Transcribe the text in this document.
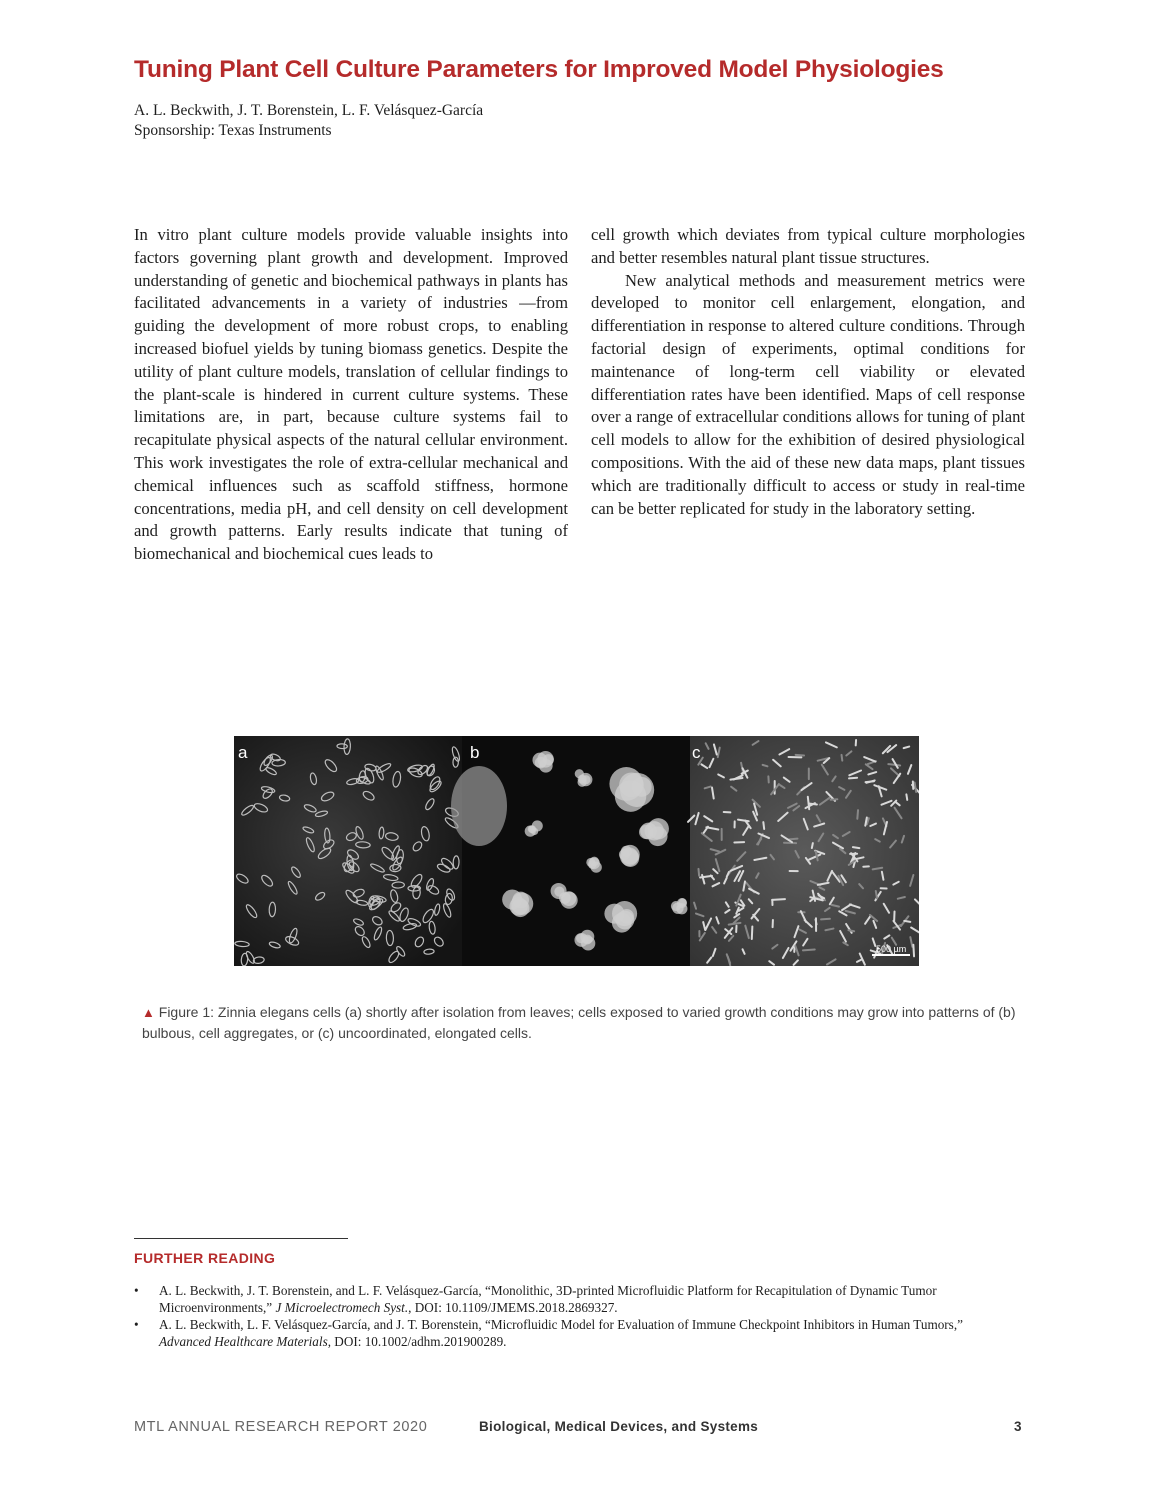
Tuning Plant Cell Culture Parameters for Improved Model Physiologies
A. L. Beckwith, J. T. Borenstein, L. F. Velásquez-García
Sponsorship: Texas Instruments

In vitro plant culture models provide valuable insights into factors governing plant growth and development. Improved understanding of genetic and biochemical pathways in plants has facilitated advancements in a variety of industries —from guiding the development of more robust crops, to enabling increased biofuel yields by tuning biomass genetics. Despite the utility of plant culture models, translation of cellular findings to the plant-scale is hindered in current culture systems. These limitations are, in part, because culture systems fail to recapitulate physical aspects of the natural cellular environment. This work investigates the role of extra-cellular mechanical and chemical influences such as scaffold stiffness, hormone concentrations, media pH, and cell density on cell development and growth patterns. Early results indicate that tuning of biomechanical and biochemical cues leads to

cell growth which deviates from typical culture morphologies and better resembles natural plant tissue structures.

New analytical methods and measurement metrics were developed to monitor cell enlargement, elongation, and differentiation in response to altered culture conditions. Through factorial design of experiments, optimal conditions for maintenance of long-term cell viability or elevated differentiation rates have been identified. Maps of cell response over a range of extracellular conditions allows for tuning of plant cell models to allow for the exhibition of desired physiological compositions. With the aid of these new data maps, plant tissues which are traditionally difficult to access or study in real-time can be better replicated for study in the laboratory setting.

a	b	c
500 µm
▲ Figure 1: Zinnia elegans cells (a) shortly after isolation from leaves; cells exposed to varied growth conditions may grow into patterns of (b) bulbous, cell aggregates, or (c) uncoordinated, elongated cells.
FURTHER READING
• A. L. Beckwith, J. T. Borenstein, and L. F. Velásquez-García, “Monolithic, 3D-printed Microfluidic Platform for Recapitulation of Dynamic Tumor Microenvironments,” J Microelectromech Syst., DOI: 10.1109/JMEMS.2018.2869327.
• A. L. Beckwith, L. F. Velásquez-García, and J. T. Borenstein, “Microfluidic Model for Evaluation of Immune Checkpoint Inhibitors in Human Tumors,” Advanced Healthcare Materials, DOI: 10.1002/adhm.201900289.
MTL ANNUAL RESEARCH REPORT 2020	Biological, Medical Devices, and Systems	3
